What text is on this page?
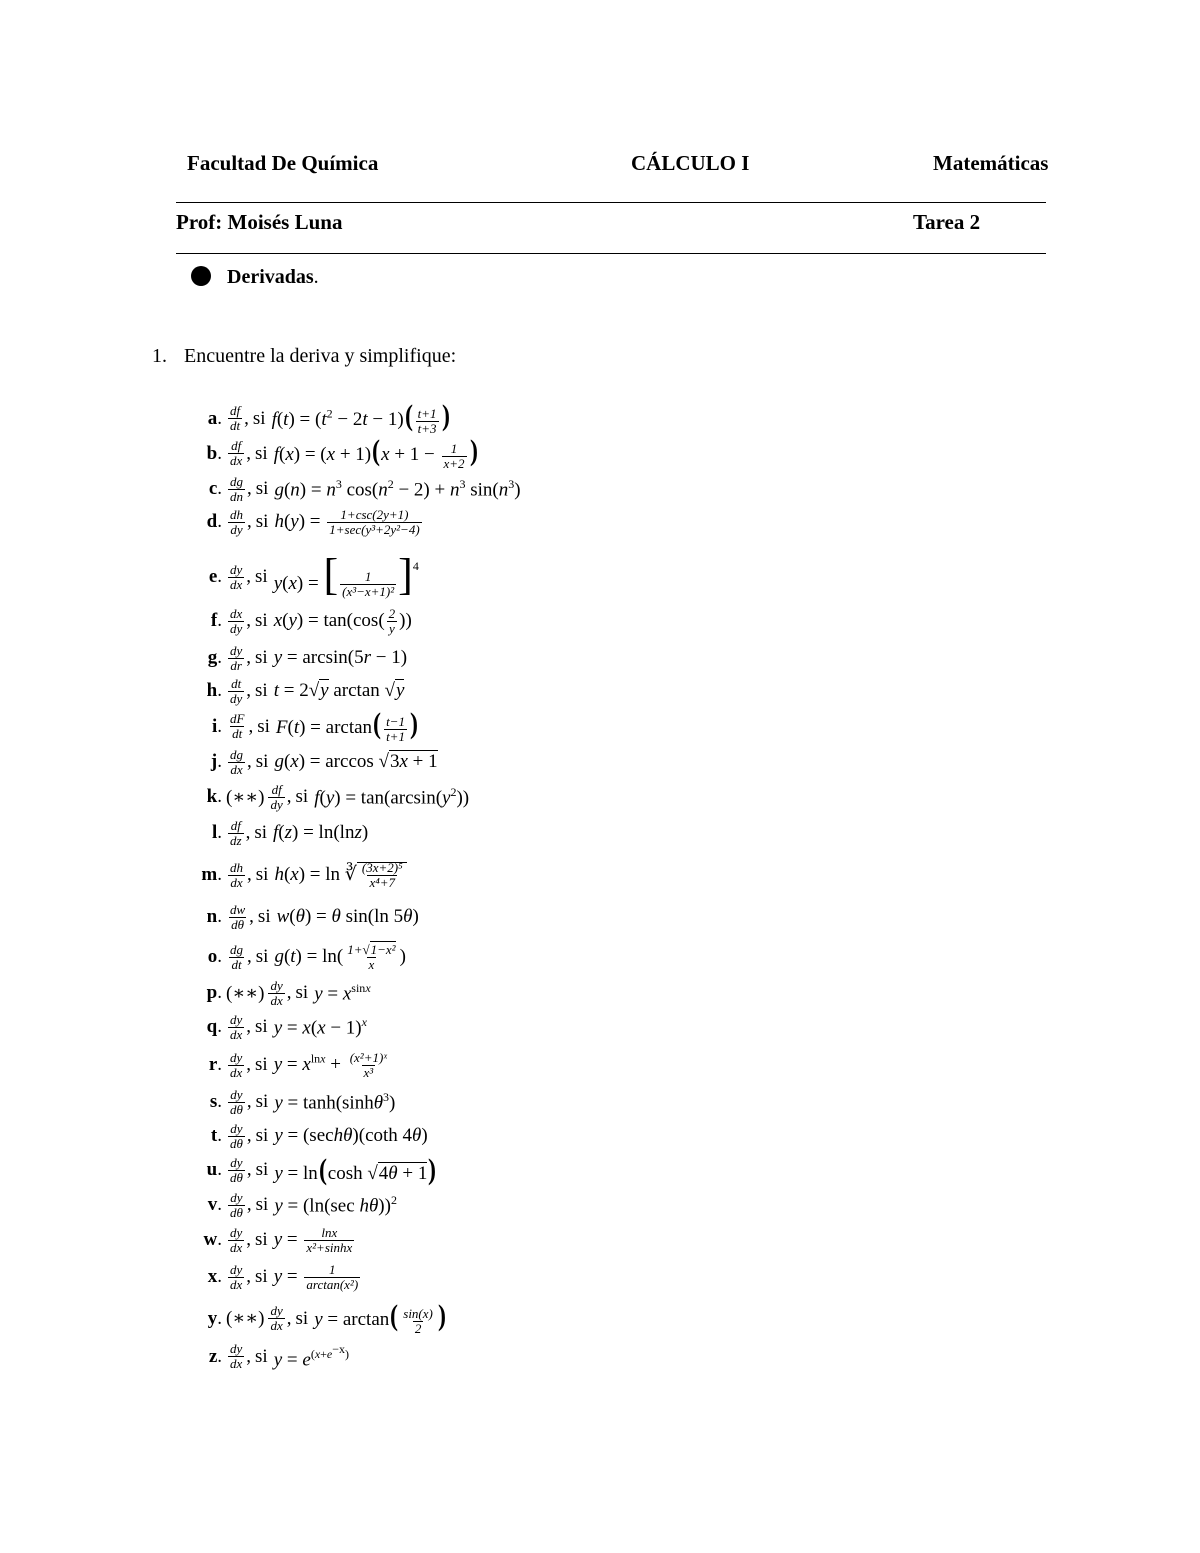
Facultad De Química	CÁLCULO I	Matemáticas
Prof: Moisés Luna	Tarea 2
Derivadas.
1. Encuentre la deriva y simplifique:
a . $\frac{df}{dt}$ , si $f(t) = (t^2 - 2t - 1)( \frac{t+1}{t+3}$ )
b . $\frac{df}{dx}$ , si $f(x) = (x + 1)(x + 1 - \frac{1}{x+2}$ )
c . $\frac{dg}{dn}$ , si $g(n) = n^3$ $\cos(n^2 - 2) + n^3$ $\sin(n^3)$
d . $\frac{dh}{dy}$ , si $h(y) = \frac{1+\csc(2y+1)}{\text{1+sec(y³+2y²−4)}}$
e . $\frac{dy}{dx}$ , si y(x) = [ $\frac{1}{\text{(x³−x+1)²}} ]^4$
f . $\frac{dx}{dy}$ , si $x(y) = \tan(\cos( \frac{2}{y}$ ))
g . $\frac{dy}{dr}$ , si y = arcsin(5r − 1)
h . $\frac{dt}{dy}$ , si t = 2√y arctan √y
i . $\frac{dF}{dt}$ , si $F(t) = \arctan( \frac{t-1}{t+1}$ )
j . $\frac{dg}{dx}$ , si g(x) = arccos √3x + 1
k . (∗∗) $\frac{df}{dy}$ , si $f(y) = \tan(\arcsin(y^2))$
l . $\frac{df}{dz}$ , si f(z) = ln(lnz)
m . $\frac{dh}{dx}$ , si h(x) = ln ∛ $\frac{\text{(3x+2)⁵}}{\text{x⁴+7}}$
n . $\frac{dw}{d\theta}$ , si w(θ) = θ sin(ln 5θ)
o . $\frac{dg}{dt}$ , si $g(t) = \ln( \frac{\text{1+√1−x²}}{x}$ )
p . (∗∗) $\frac{dy}{dx}$ , si $y = x^{sinx}$
q . $\frac{dy}{dx}$ , si $y = x(x - 1)^x$
r . $\frac{dy}{dx}$ , si $y = x^{lnx} + \frac{\text{(x²+1)ˣ}}{\text{x³}}$
s . $\frac{dy}{d\theta}$ , si y = tanh(sinhθ$^3$)
t . $\frac{dy}{d\theta}$ , si y = (sechθ)(coth 4θ)
u . $\frac{dy}{d\theta}$ , si y = ln(cosh √4θ + 1)
v . $\frac{dy}{d\theta}$ , si y = (ln(sec hθ))$^2$
w . $\frac{dy}{dx}$ , si $y = \frac{\ln x}{\text{x²+sinhx}}$
x . $\frac{dy}{dx}$ , si $y = \frac{1}{\text{arctan(x²)}}$
y . (∗∗) $\frac{dy}{dx}$ , si $y = \arctan( \frac{\sin(x)}{2}$ )
z . $\frac{dy}{dx}$ , si $y = e^{(x+e^{-x})}$
